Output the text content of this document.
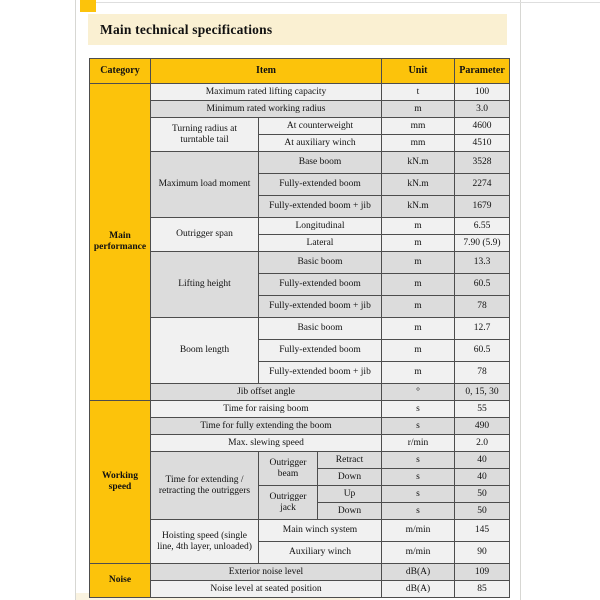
Main technical specifications
Category	Item			Unit	Parameter
Main performance	Maximum rated lifting capacity			t	100
	Minimum rated working radius			m	3.0
	Turning radius at turntable tail	At counterweight		mm	4600
		At auxiliary winch		mm	4510
	Maximum load moment	Base boom		kN.m	3528
		Fully-extended boom		kN.m	2274
		Fully-extended boom + jib		kN.m	1679
	Outrigger span	Longitudinal		m	6.55
		Lateral		m	7.90 (5.9)
	Lifting height	Basic boom		m	13.3
		Fully-extended boom		m	60.5
		Fully-extended boom + jib		m	78
	Boom length	Basic boom		m	12.7
		Fully-extended boom		m	60.5
		Fully-extended boom + jib		m	78
	Jib offset angle			°	0, 15, 30
Working speed	Time for raising boom			s	55
	Time for fully extending the boom			s	490
	Max. slewing speed			r/min	2.0
	Time for extending / retracting the outriggers	Outrigger beam	Retract	s	40
			Down	s	40
		Outrigger jack	Up	s	50
			Down	s	50
	Hoisting speed (single line, 4th layer, unloaded)	Main winch system		m/min	145
		Auxiliary winch		m/min	90
Noise	Exterior noise level			dB(A)	109
	Noise level at seated position			dB(A)	85
